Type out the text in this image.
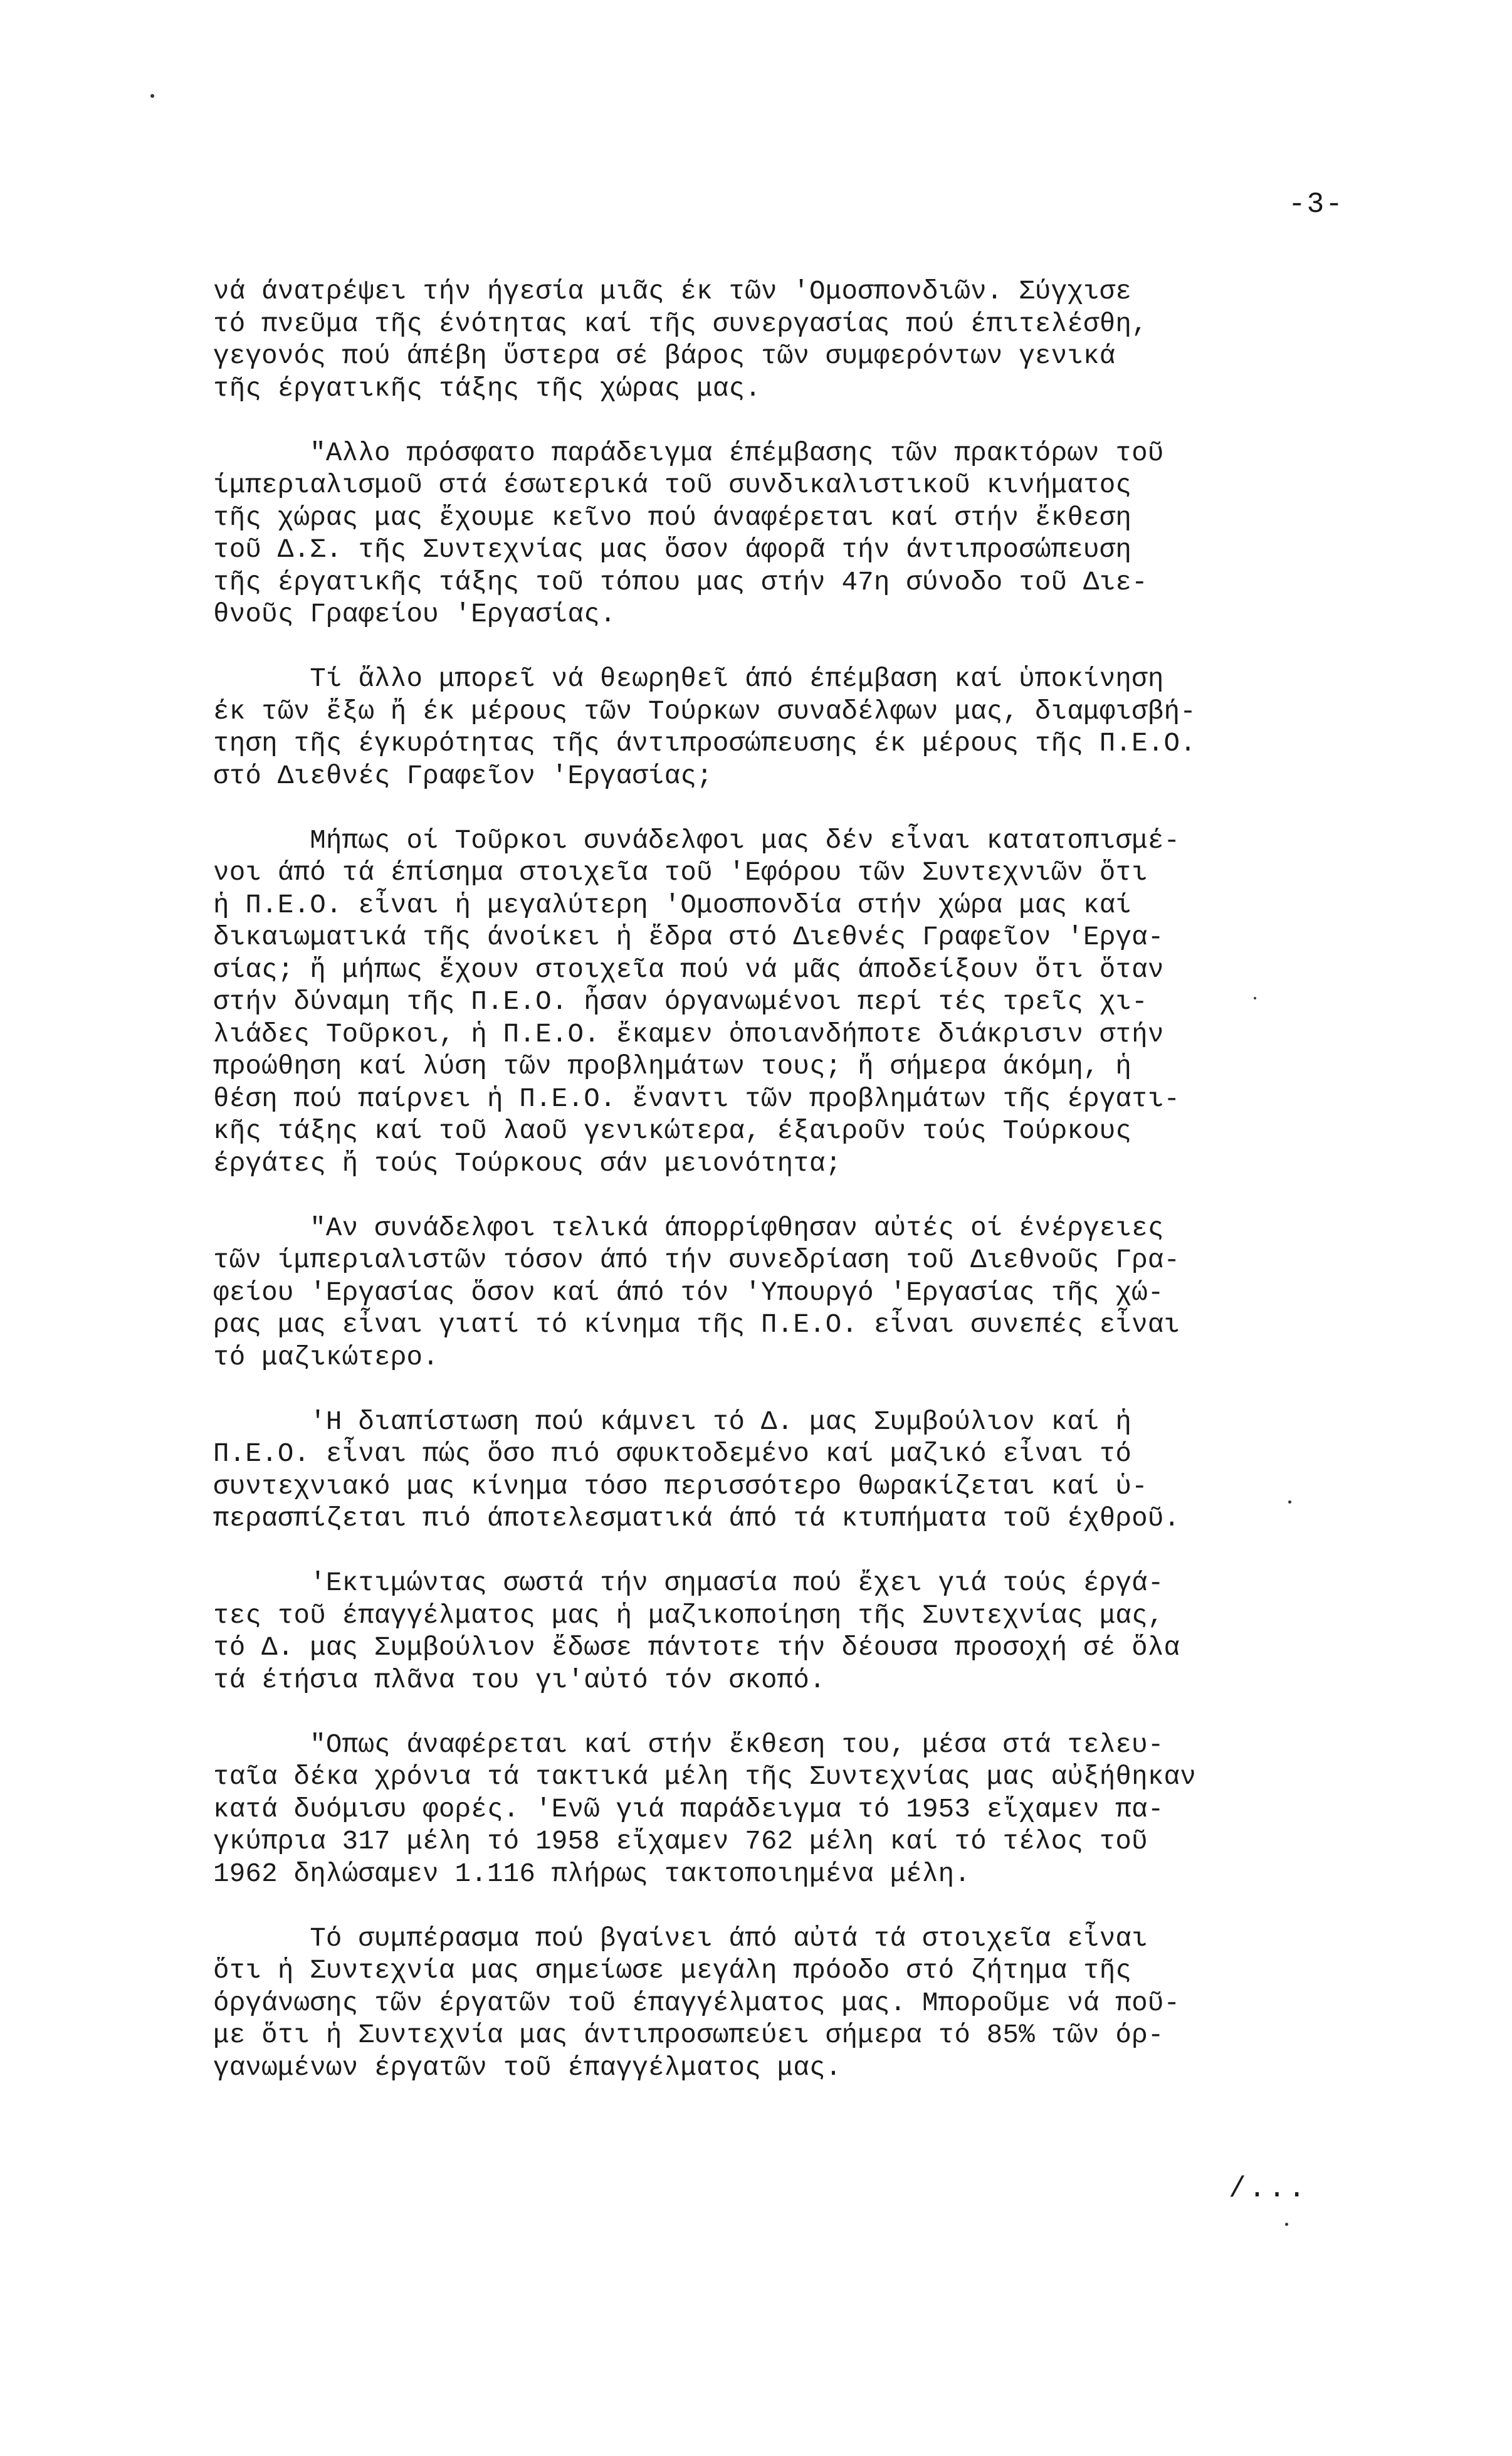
-3-
νά άνατρέψει τήν ήγεσία μιᾶς έκ τῶν 'Ομοσπονδιῶν. Σύγχισε
τό πνεῦμα τῆς ένότητας καί τῆς συνεργασίας πού έπιτελέσθη,
γεγονός πού άπέβη ὕστερα σέ βάρος τῶν συμφερόντων γενικά
τῆς έργατικῆς τάξης τῆς χώρας μας.
"Αλλο πρόσφατο παράδειγμα έπέμβασης τῶν πρακτόρων τοῦ
ίμπεριαλισμοῦ στά έσωτερικά τοῦ συνδικαλιστικοῦ κινήματος
τῆς χώρας μας ἔχουμε κεῖνο πού άναφέρεται καί στήν ἔκθεση
τοῦ Δ.Σ. τῆς Συντεχνίας μας ὅσον άφορᾶ τήν άντιπροσώπευση
τῆς έργατικῆς τάξης τοῦ τόπου μας στήν 47η σύνοδο τοῦ Διε-
θνοῦς Γραφείου 'Εργασίας.
Τί ἄλλο μπορεῖ νά θεωρηθεῖ άπό έπέμβαση καί ὑποκίνηση
έκ τῶν ἔξω ἤ έκ μέρους τῶν Τούρκων συναδέλφων μας, διαμφισβή-
τηση τῆς έγκυρότητας τῆς άντιπροσώπευσης έκ μέρους τῆς Π.Ε.Ο.
στό Διεθνές Γραφεῖον 'Εργασίας;
Μήπως οί Τοῦρκοι συνάδελφοι μας δέν εἶναι κατατοπισμέ-
νοι άπό τά έπίσημα στοιχεῖα τοῦ 'Εφόρου τῶν Συντεχνιῶν ὅτι
ἡ Π.Ε.Ο. εἶναι ἡ μεγαλύτερη 'Ομοσπονδία στήν χώρα μας καί
δικαιωματικά τῆς άνοίκει ἡ ἕδρα στό Διεθνές Γραφεῖον 'Εργα-
σίας; ἤ μήπως ἔχουν στοιχεῖα πού νά μᾶς άποδείξουν ὅτι ὅταν
στήν δύναμη τῆς Π.Ε.Ο. ἦσαν όργανωμένοι περί τές τρεῖς χι-
λιάδες Τοῦρκοι, ἡ Π.Ε.Ο. ἔκαμεν ὁποιανδήποτε διάκρισιν στήν
προώθηση καί λύση τῶν προβλημάτων τους; ἤ σήμερα άκόμη, ἡ
θέση πού παίρνει ἡ Π.Ε.Ο. ἔναντι τῶν προβλημάτων τῆς έργατι-
κῆς τάξης καί τοῦ λαοῦ γενικώτερα, έξαιροῦν τούς Τούρκους
έργάτες ἤ τούς Τούρκους σάν μειονότητα;
"Αν συνάδελφοι τελικά άπορρίφθησαν αὐτές οί ένέργειες
τῶν ίμπεριαλιστῶν τόσον άπό τήν συνεδρίαση τοῦ Διεθνοῦς Γρα-
φείου 'Εργασίας ὅσον καί άπό τόν 'Υπουργό 'Εργασίας τῆς χώ-
ρας μας εἶναι γιατί τό κίνημα τῆς Π.Ε.Ο. εἶναι συνεπές εἶναι
τό μαζικώτερο.
'Η διαπίστωση πού κάμνει τό Δ. μας Συμβούλιον καί ἡ
Π.Ε.Ο. εἶναι πώς ὅσο πιό σφυκτοδεμένο καί μαζικό εἶναι τό
συντεχνιακό μας κίνημα τόσο περισσότερο θωρακίζεται καί ὑ-
περασπίζεται πιό άποτελεσματικά άπό τά κτυπήματα τοῦ έχθροῦ.
'Εκτιμώντας σωστά τήν σημασία πού ἔχει γιά τούς έργά-
τες τοῦ έπαγγέλματος μας ἡ μαζικοποίηση τῆς Συντεχνίας μας,
τό Δ. μας Συμβούλιον ἔδωσε πάντοτε τήν δέουσα προσοχή σέ ὅλα
τά έτήσια πλᾶνα του γι'αὐτό τόν σκοπό.
"Οπως άναφέρεται καί στήν ἔκθεση του, μέσα στά τελευ-
ταῖα δέκα χρόνια τά τακτικά μέλη τῆς Συντεχνίας μας αὐξήθηκαν
κατά δυόμισυ φορές. 'Ενῶ γιά παράδειγμα τό 1953 εἴχαμεν πα-
γκύπρια 317 μέλη τό 1958 εἴχαμεν 762 μέλη καί τό τέλος τοῦ
1962 δηλώσαμεν 1.116 πλήρως τακτοποιημένα μέλη.
Τό συμπέρασμα πού βγαίνει άπό αὐτά τά στοιχεῖα εἶναι
ὅτι ἡ Συντεχνία μας σημείωσε μεγάλη πρόοδο στό ζήτημα τῆς
όργάνωσης τῶν έργατῶν τοῦ έπαγγέλματος μας. Μποροῦμε νά ποῦ-
με ὅτι ἡ Συντεχνία μας άντιπροσωπεύει σήμερα τό 85% τῶν όρ-
γανωμένων έργατῶν τοῦ έπαγγέλματος μας.
/...
